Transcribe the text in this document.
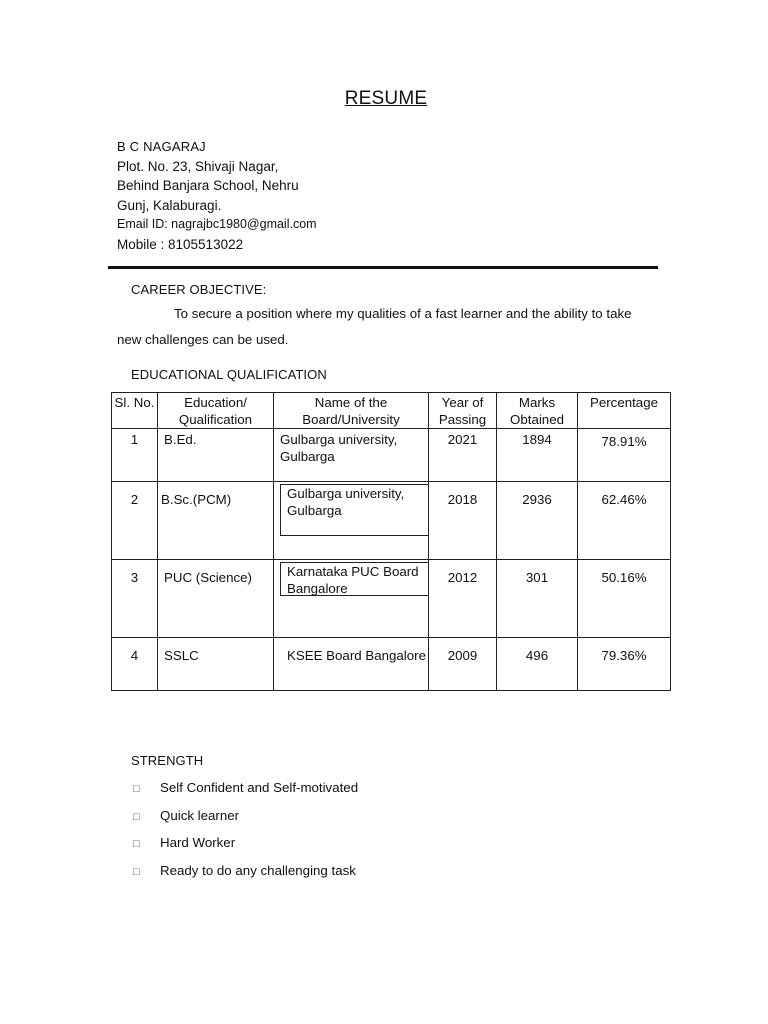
RESUME
B C NAGARAJ
Plot. No. 23, Shivaji Nagar,
Behind Banjara School, Nehru
Gunj, Kalaburagi.
Email ID: nagrajbc1980@gmail.com
Mobile : 8105513022
CAREER OBJECTIVE:
To secure a position where my qualities of a fast learner and the ability to take new challenges can be used.
EDUCATIONAL QUALIFICATION
Sl. No.	Education/ Qualification	Name of the Board/University	Year of Passing	Marks Obtained	Percentage
1	B.Ed.	Gulbarga university, Gulbarga	2021	1894	78.91%
2	B.Sc.(PCM)	Gulbarga university, Gulbarga	2018	2936	62.46%
3	PUC (Science)	Karnataka PUC Board Bangalore	2012	301	50.16%
4	SSLC	KSEE Board Bangalore	2009	496	79.36%
STRENGTH
□ Self Confident and Self-motivated
□ Quick learner
□ Hard Worker
□ Ready to do any challenging task
